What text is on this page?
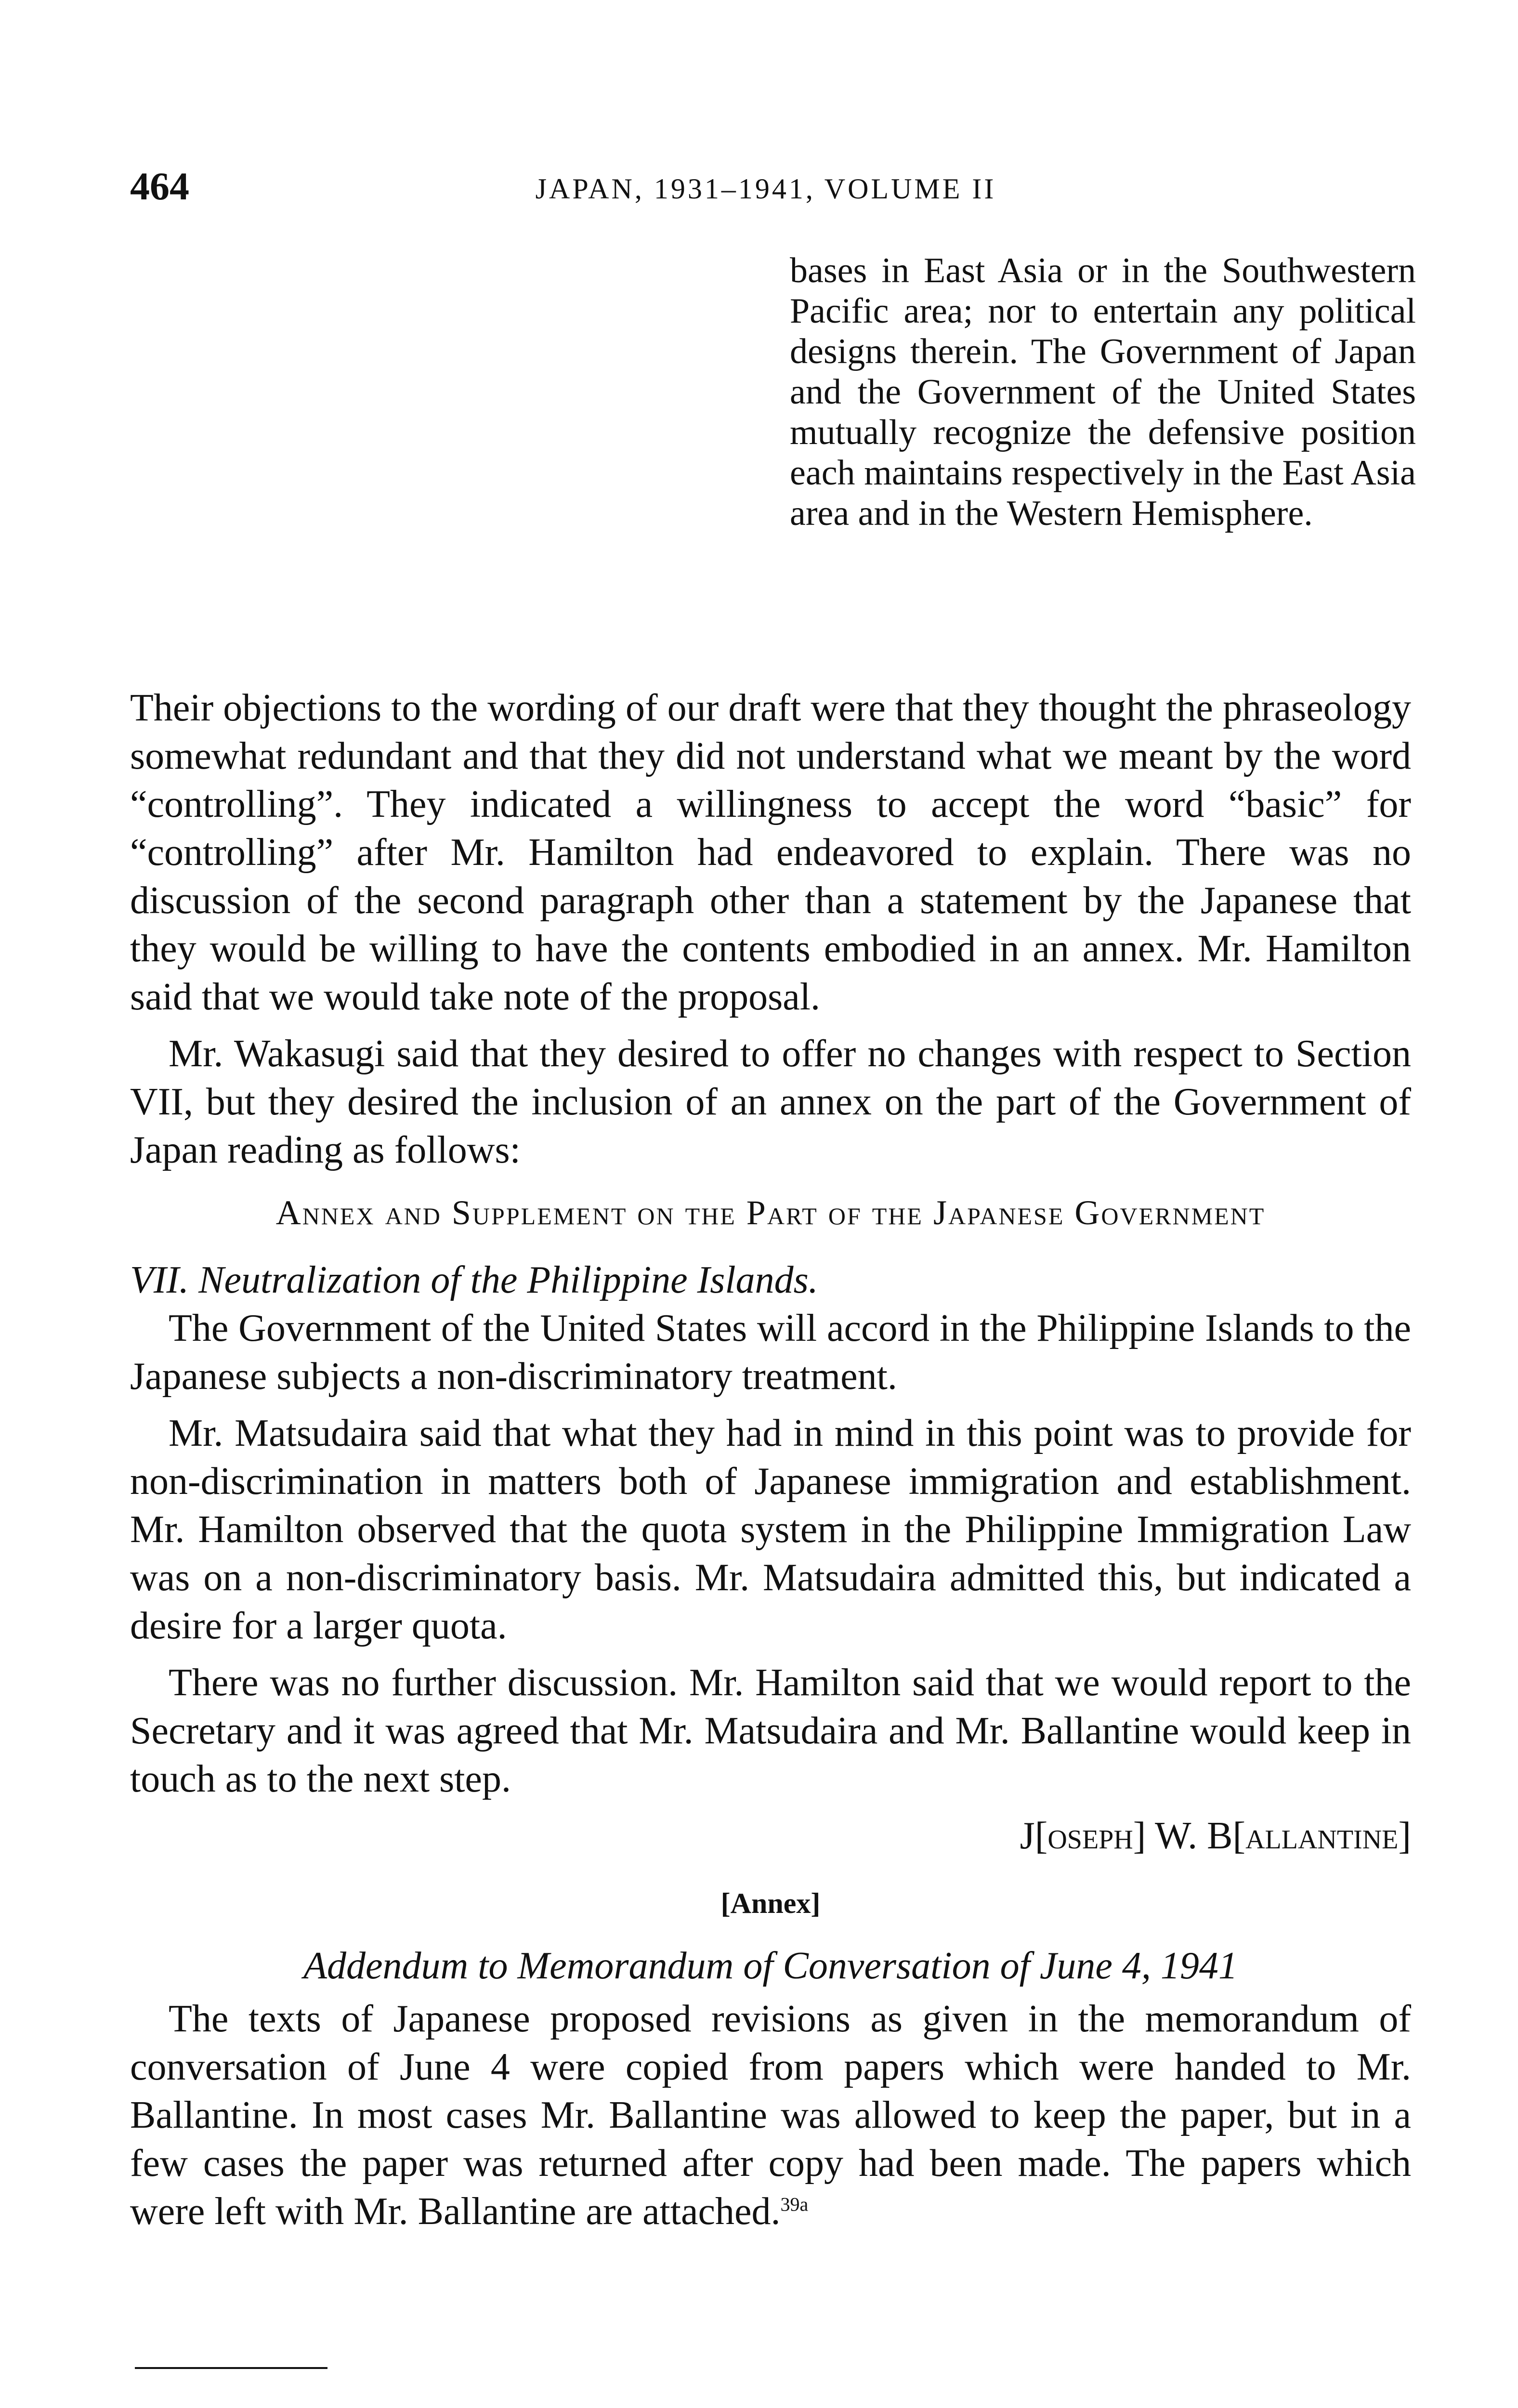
464	JAPAN, 1931–1941, VOLUME II
bases in East Asia or in the Southwestern Pacific area; nor to entertain any political designs therein. The Government of Japan and the Government of the United States mutually recognize the defensive position each maintains respectively in the East Asia area and in the Western Hemisphere.

Their objections to the wording of our draft were that they thought the phraseology somewhat redundant and that they did not understand what we meant by the word “controlling”. They indicated a willingness to accept the word “basic” for “controlling” after Mr. Hamilton had endeavored to explain. There was no discussion of the second paragraph other than a statement by the Japanese that they would be willing to have the contents embodied in an annex. Mr. Hamilton said that we would take note of the proposal.

Mr. Wakasugi said that they desired to offer no changes with respect to Section VII, but they desired the inclusion of an annex on the part of the Government of Japan reading as follows:

Annex and Supplement on the Part of the Japanese Government

VII. Neutralization of the Philippine Islands.

The Government of the United States will accord in the Philippine Islands to the Japanese subjects a non-discriminatory treatment.

Mr. Matsudaira said that what they had in mind in this point was to provide for non-discrimination in matters both of Japanese immigration and establishment. Mr. Hamilton observed that the quota system in the Philippine Immigration Law was on a non-discriminatory basis. Mr. Matsudaira admitted this, but indicated a desire for a larger quota.

There was no further discussion. Mr. Hamilton said that we would report to the Secretary and it was agreed that Mr. Matsudaira and Mr. Ballantine would keep in touch as to the next step.

J[oseph] W. B[allantine]

[Annex]

Addendum to Memorandum of Conversation of June 4, 1941

The texts of Japanese proposed revisions as given in the memorandum of conversation of June 4 were copied from papers which were handed to Mr. Ballantine. In most cases Mr. Ballantine was allowed to keep the paper, but in a few cases the paper was returned after copy had been made. The papers which were left with Mr. Ballantine are attached.$^{39a}$
